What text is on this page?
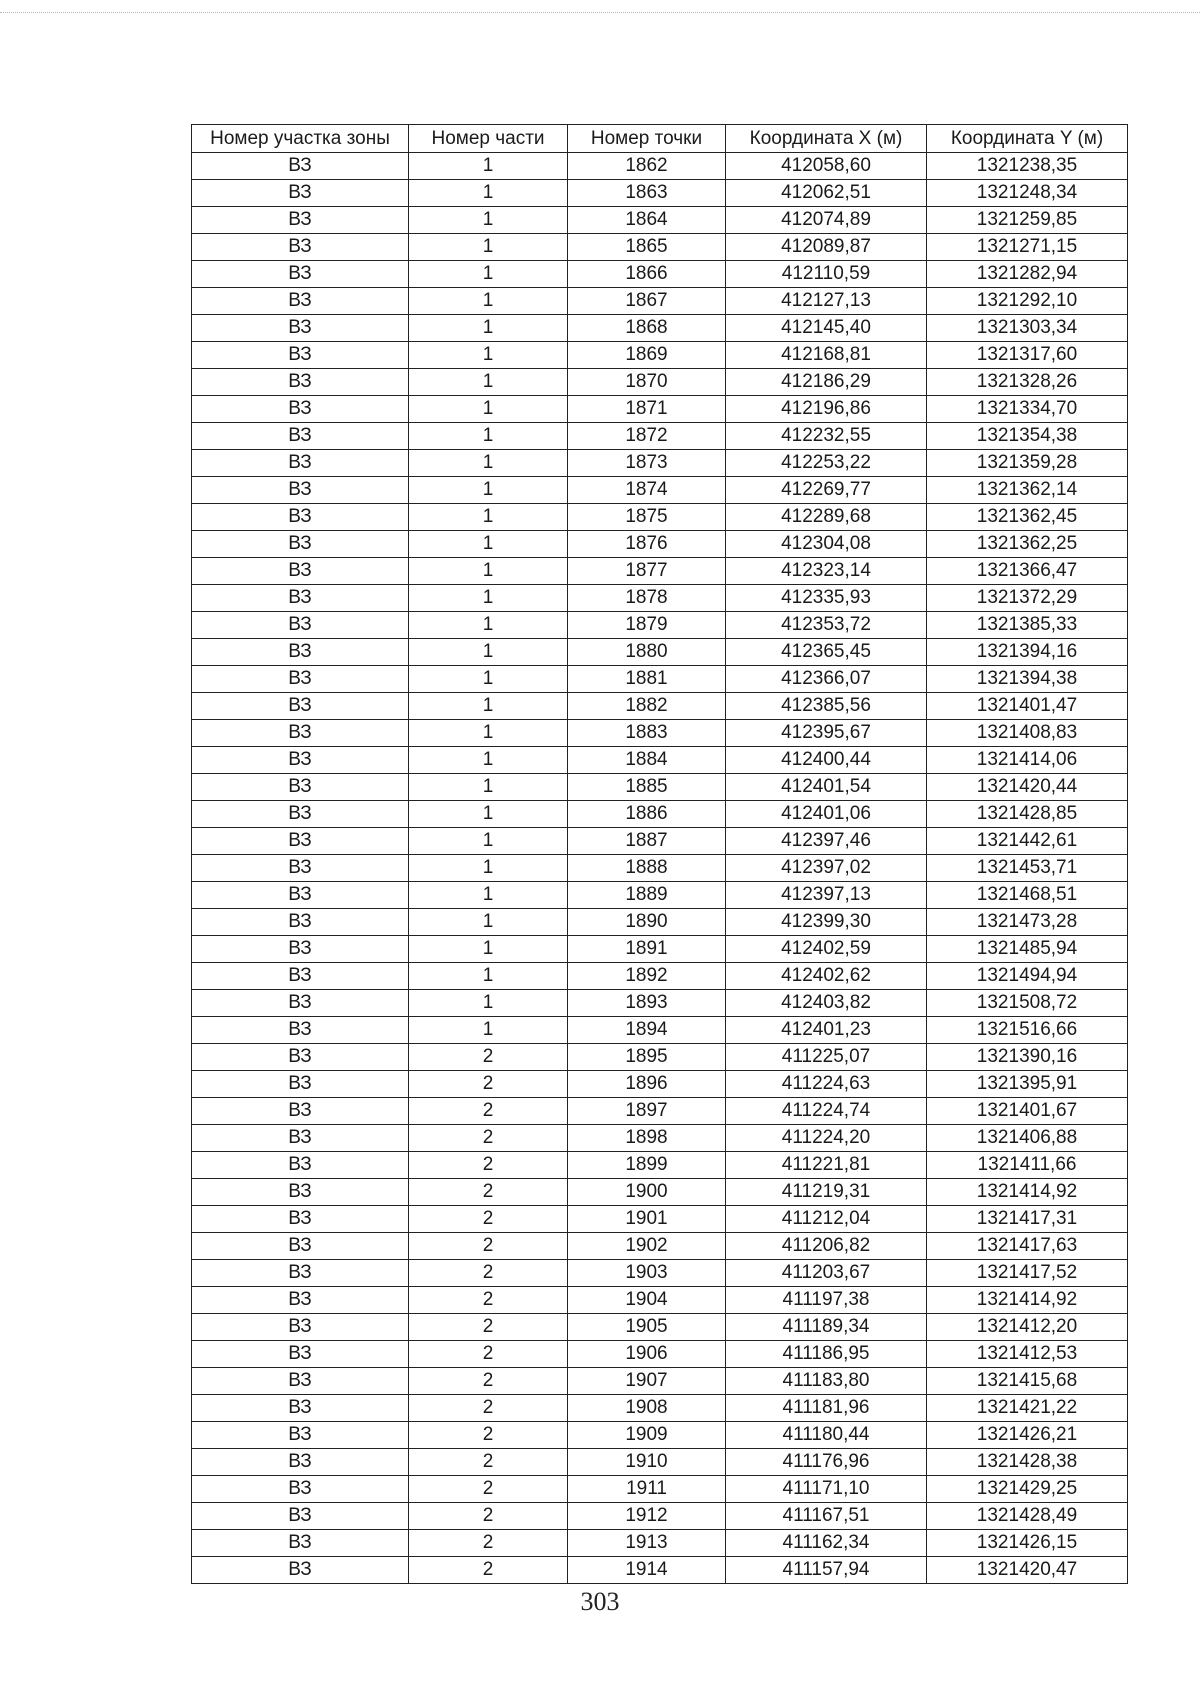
Номер участка зоны	Номер части	Номер точки	Координата X (м)	Координата Y (м)
ВЗ	1	1862	412058,60	1321238,35
ВЗ	1	1863	412062,51	1321248,34
ВЗ	1	1864	412074,89	1321259,85
ВЗ	1	1865	412089,87	1321271,15
ВЗ	1	1866	412110,59	1321282,94
ВЗ	1	1867	412127,13	1321292,10
ВЗ	1	1868	412145,40	1321303,34
ВЗ	1	1869	412168,81	1321317,60
ВЗ	1	1870	412186,29	1321328,26
ВЗ	1	1871	412196,86	1321334,70
ВЗ	1	1872	412232,55	1321354,38
ВЗ	1	1873	412253,22	1321359,28
ВЗ	1	1874	412269,77	1321362,14
ВЗ	1	1875	412289,68	1321362,45
ВЗ	1	1876	412304,08	1321362,25
ВЗ	1	1877	412323,14	1321366,47
ВЗ	1	1878	412335,93	1321372,29
ВЗ	1	1879	412353,72	1321385,33
ВЗ	1	1880	412365,45	1321394,16
ВЗ	1	1881	412366,07	1321394,38
ВЗ	1	1882	412385,56	1321401,47
ВЗ	1	1883	412395,67	1321408,83
ВЗ	1	1884	412400,44	1321414,06
ВЗ	1	1885	412401,54	1321420,44
ВЗ	1	1886	412401,06	1321428,85
ВЗ	1	1887	412397,46	1321442,61
ВЗ	1	1888	412397,02	1321453,71
ВЗ	1	1889	412397,13	1321468,51
ВЗ	1	1890	412399,30	1321473,28
ВЗ	1	1891	412402,59	1321485,94
ВЗ	1	1892	412402,62	1321494,94
ВЗ	1	1893	412403,82	1321508,72
ВЗ	1	1894	412401,23	1321516,66
ВЗ	2	1895	411225,07	1321390,16
ВЗ	2	1896	411224,63	1321395,91
ВЗ	2	1897	411224,74	1321401,67
ВЗ	2	1898	411224,20	1321406,88
ВЗ	2	1899	411221,81	1321411,66
ВЗ	2	1900	411219,31	1321414,92
ВЗ	2	1901	411212,04	1321417,31
ВЗ	2	1902	411206,82	1321417,63
ВЗ	2	1903	411203,67	1321417,52
ВЗ	2	1904	411197,38	1321414,92
ВЗ	2	1905	411189,34	1321412,20
ВЗ	2	1906	411186,95	1321412,53
ВЗ	2	1907	411183,80	1321415,68
ВЗ	2	1908	411181,96	1321421,22
ВЗ	2	1909	411180,44	1321426,21
ВЗ	2	1910	411176,96	1321428,38
ВЗ	2	1911	411171,10	1321429,25
ВЗ	2	1912	411167,51	1321428,49
ВЗ	2	1913	411162,34	1321426,15
ВЗ	2	1914	411157,94	1321420,47
303
